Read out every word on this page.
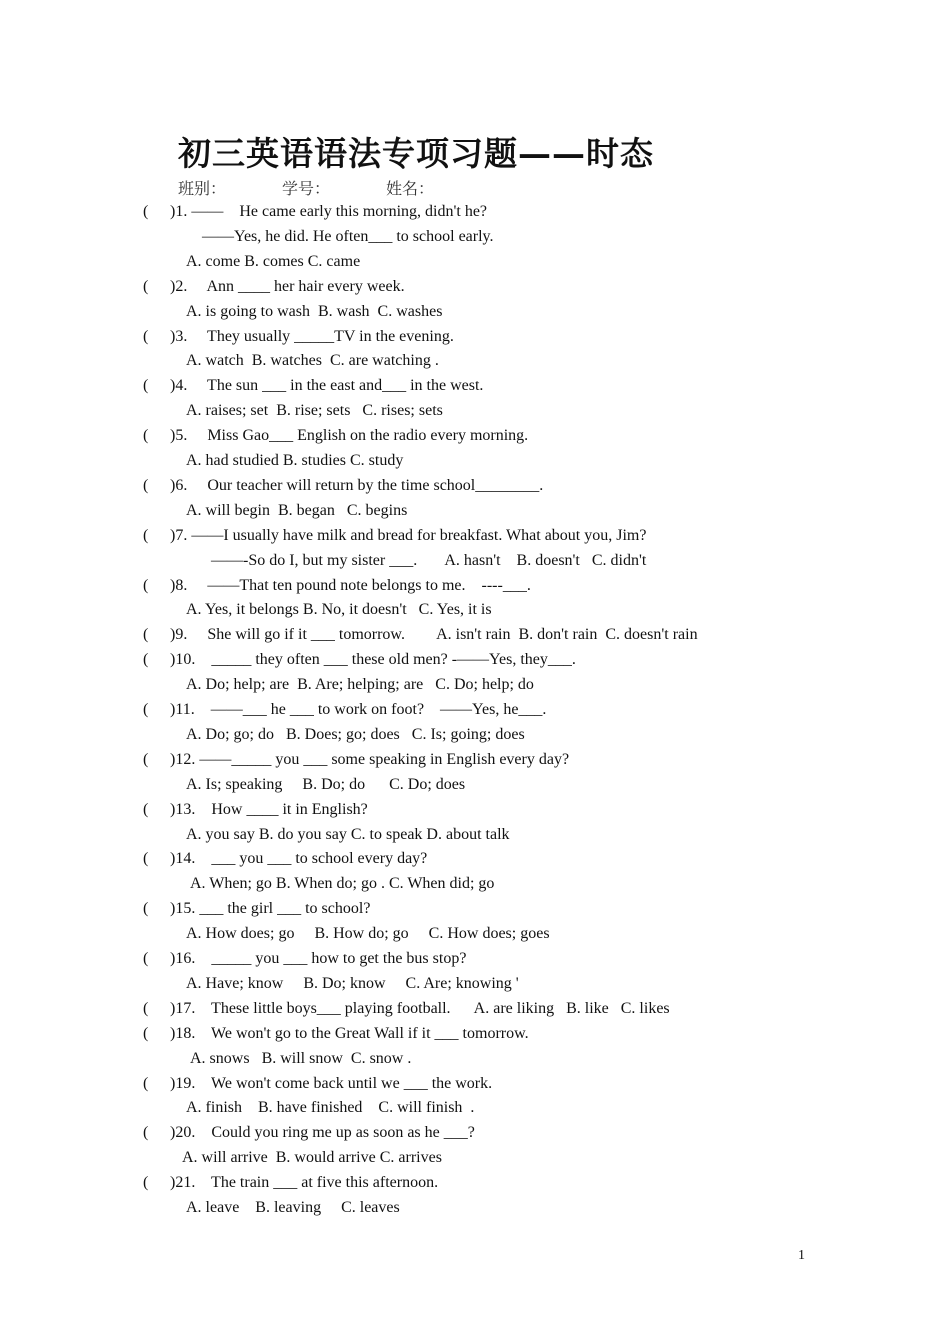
初三英语语法专项习题——时态
班别：	学号：	姓名：
( )1. ——    He came early this morning, didn't he?
——Yes, he did. He often___ to school early.
A. come B. comes C. came
( )2.     Ann ____ her hair every week.
A. is going to wash  B. wash  C. washes
( )3.     They usually _____TV in the evening.
A. watch  B. watches  C. are watching .
( )4.     The sun ___ in the east and___ in the west.
A. raises; set  B. rise; sets   C. rises; sets
( )5.     Miss Gao___ English on the radio every morning.
A. had studied B. studies C. study
( )6.     Our teacher will return by the time school________.
A. will begin  B. began   C. begins
( )7. ——I usually have milk and bread for breakfast. What about you, Jim?
——-So do I, but my sister ___.       A. hasn't    B. doesn't   C. didn't
( )8.     ——That ten pound note belongs to me.    ----___.
A. Yes, it belongs B. No, it doesn't   C. Yes, it is
( )9.     She will go if it ___ tomorrow.        A. isn't rain  B. don't rain  C. doesn't rain
( )10.    _____ they often ___ these old men? -——Yes, they___.
A. Do; help; are  B. Are; helping; are   C. Do; help; do
( )11.    ——___ he ___ to work on foot?    ——Yes, he___.
A. Do; go; do   B. Does; go; does   C. Is; going; does
( )12. ——_____ you ___ some speaking in English every day?
A. Is; speaking     B. Do; do      C. Do; does
( )13.    How ____ it in English?
A. you say B. do you say C. to speak D. about talk
( )14.    ___ you ___ to school every day?
A. When; go B. When do; go . C. When did; go
( )15. ___ the girl ___ to school?
A. How does; go     B. How do; go     C. How does; goes
( )16.    _____ you ___ how to get the bus stop?
A. Have; know     B. Do; know     C. Are; knowing '
( )17.    These little boys___ playing football.      A. are liking   B. like   C. likes
( )18.    We won't go to the Great Wall if it ___ tomorrow.
A. snows   B. will snow  C. snow .
( )19.    We won't come back until we ___ the work.
A. finish    B. have finished    C. will finish  .
( )20.    Could you ring me up as soon as he ___?
A. will arrive  B. would arrive C. arrives
( )21.    The train ___ at five this afternoon.
A. leave    B. leaving     C. leaves
1
